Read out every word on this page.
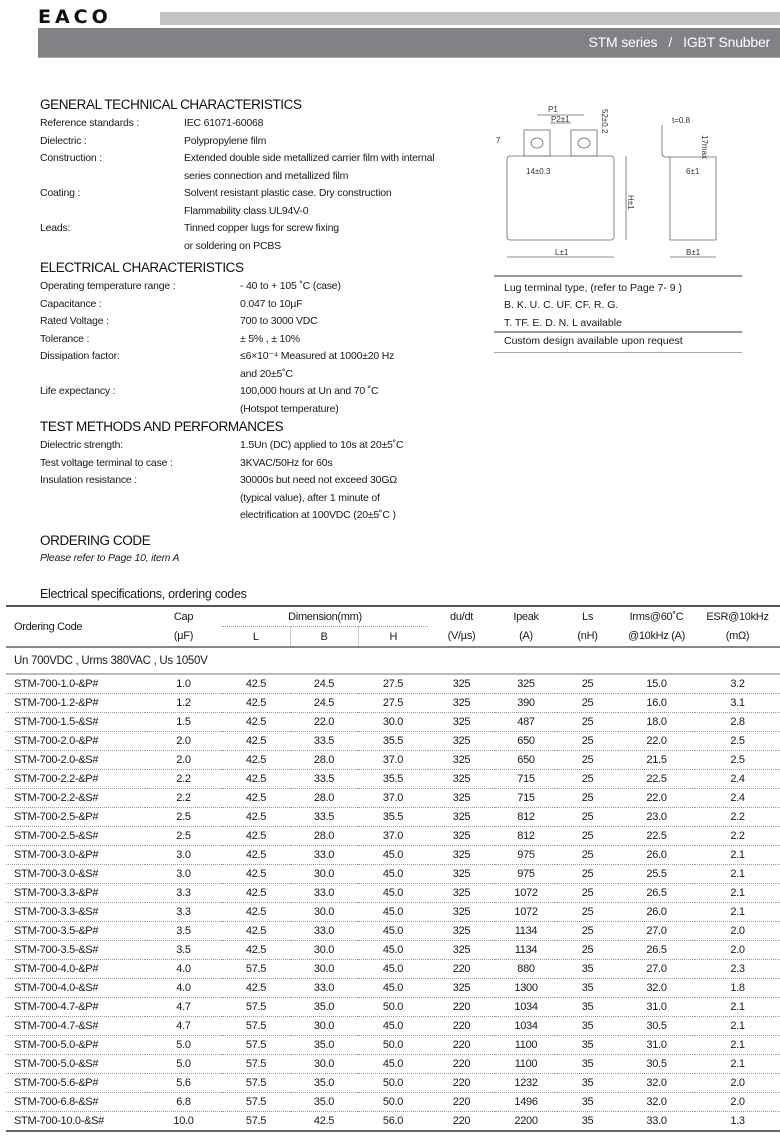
EACO
STM series   /   IGBT Snubber
GENERAL TECHNICAL CHARACTERISTICS
Reference standards :	IEC 61071-60068
Dielectric :	Polypropylene film
Construction :	Extended double side metallized carrier film with internal
series connection and metallized film
Coating :	Solvent resistant plastic case. Dry construction
Flammability class UL94V-0
Leads:	Tinned copper lugs for screw fixing
or soldering on PCBS
ELECTRICAL CHARACTERISTICS
Operating temperature range :	- 40 to + 105 ˚C (case)
Capacitance :	0.047 to 10µF
Rated Voltage :	700 to 3000 VDC
Tolerance :	± 5% , ± 10%
Dissipation factor:	≤6×10⁻⁴ Measured at 1000±20 Hz
and 20±5˚C
Life expectancy :	100,000 hours at Un and 70 ˚C
(Hotspot temperature)
TEST METHODS AND PERFORMANCES
Dielectric strength:	1.5Un (DC) applied to 10s at 20±5˚C
Test voltage terminal to case :	3KVAC/50Hz for 60s
Insulation resistance :	30000s but need not exceed 30GΩ
(typical value), after 1 minute of
electrification at 100VDC (20±5˚C )
ORDERING CODE
Please refer to Page 10, item A
P1
P2±1	52±0.2
7
14±0.3
H±1
L±1
t=0.8
17max
6±1
B±1
Lug terminal type, (refer to Page 7- 9 )
B. K. U. C. UF. CF. R. G.
T. TF. E. D. N. L available
Custom design available upon request
Electrical specifications, ordering codes
Ordering Code	Cap	Dimension(mm)			du/dt	Ipeak	Ls	Irms@60˚C	ESR@10kHz
	(µF)	L	B	H	(V/µs)	(A)	(nH)	@10kHz (A)	(mΩ)
Un 700VDC , Urms 380VAC , Us 1050V									
STM-700-1.0-&P#	1.0	42.5	24.5	27.5	325	325	25	15.0	3.2
STM-700-1.2-&P#	1.2	42.5	24.5	27.5	325	390	25	16.0	3.1
STM-700-1.5-&S#	1.5	42.5	22.0	30.0	325	487	25	18.0	2.8
STM-700-2.0-&P#	2.0	42.5	33.5	35.5	325	650	25	22.0	2.5
STM-700-2.0-&S#	2.0	42.5	28.0	37.0	325	650	25	21.5	2.5
STM-700-2.2-&P#	2.2	42.5	33.5	35.5	325	715	25	22.5	2.4
STM-700-2.2-&S#	2.2	42.5	28.0	37.0	325	715	25	22.0	2.4
STM-700-2.5-&P#	2.5	42.5	33.5	35.5	325	812	25	23.0	2.2
STM-700-2.5-&S#	2.5	42.5	28.0	37.0	325	812	25	22.5	2.2
STM-700-3.0-&P#	3.0	42.5	33.0	45.0	325	975	25	26.0	2.1
STM-700-3.0-&S#	3.0	42.5	30.0	45.0	325	975	25	25.5	2.1
STM-700-3.3-&P#	3.3	42.5	33.0	45.0	325	1072	25	26.5	2.1
STM-700-3.3-&S#	3.3	42.5	30.0	45.0	325	1072	25	26.0	2.1
STM-700-3.5-&P#	3.5	42.5	33.0	45.0	325	1134	25	27.0	2.0
STM-700-3.5-&S#	3.5	42.5	30.0	45.0	325	1134	25	26.5	2.0
STM-700-4.0-&P#	4.0	57.5	30.0	45.0	220	880	35	27.0	2.3
STM-700-4.0-&S#	4.0	42.5	33.0	45.0	325	1300	35	32.0	1.8
STM-700-4.7-&P#	4.7	57.5	35.0	50.0	220	1034	35	31.0	2.1
STM-700-4.7-&S#	4.7	57.5	30.0	45.0	220	1034	35	30.5	2.1
STM-700-5.0-&P#	5.0	57.5	35.0	50.0	220	1100	35	31.0	2.1
STM-700-5.0-&S#	5.0	57.5	30.0	45.0	220	1100	35	30.5	2.1
STM-700-5.6-&P#	5.6	57.5	35.0	50.0	220	1232	35	32.0	2.0
STM-700-6.8-&S#	6.8	57.5	35.0	50.0	220	1496	35	32.0	2.0
STM-700-10.0-&S#	10.0	57.5	42.5	56.0	220	2200	35	33.0	1.3
